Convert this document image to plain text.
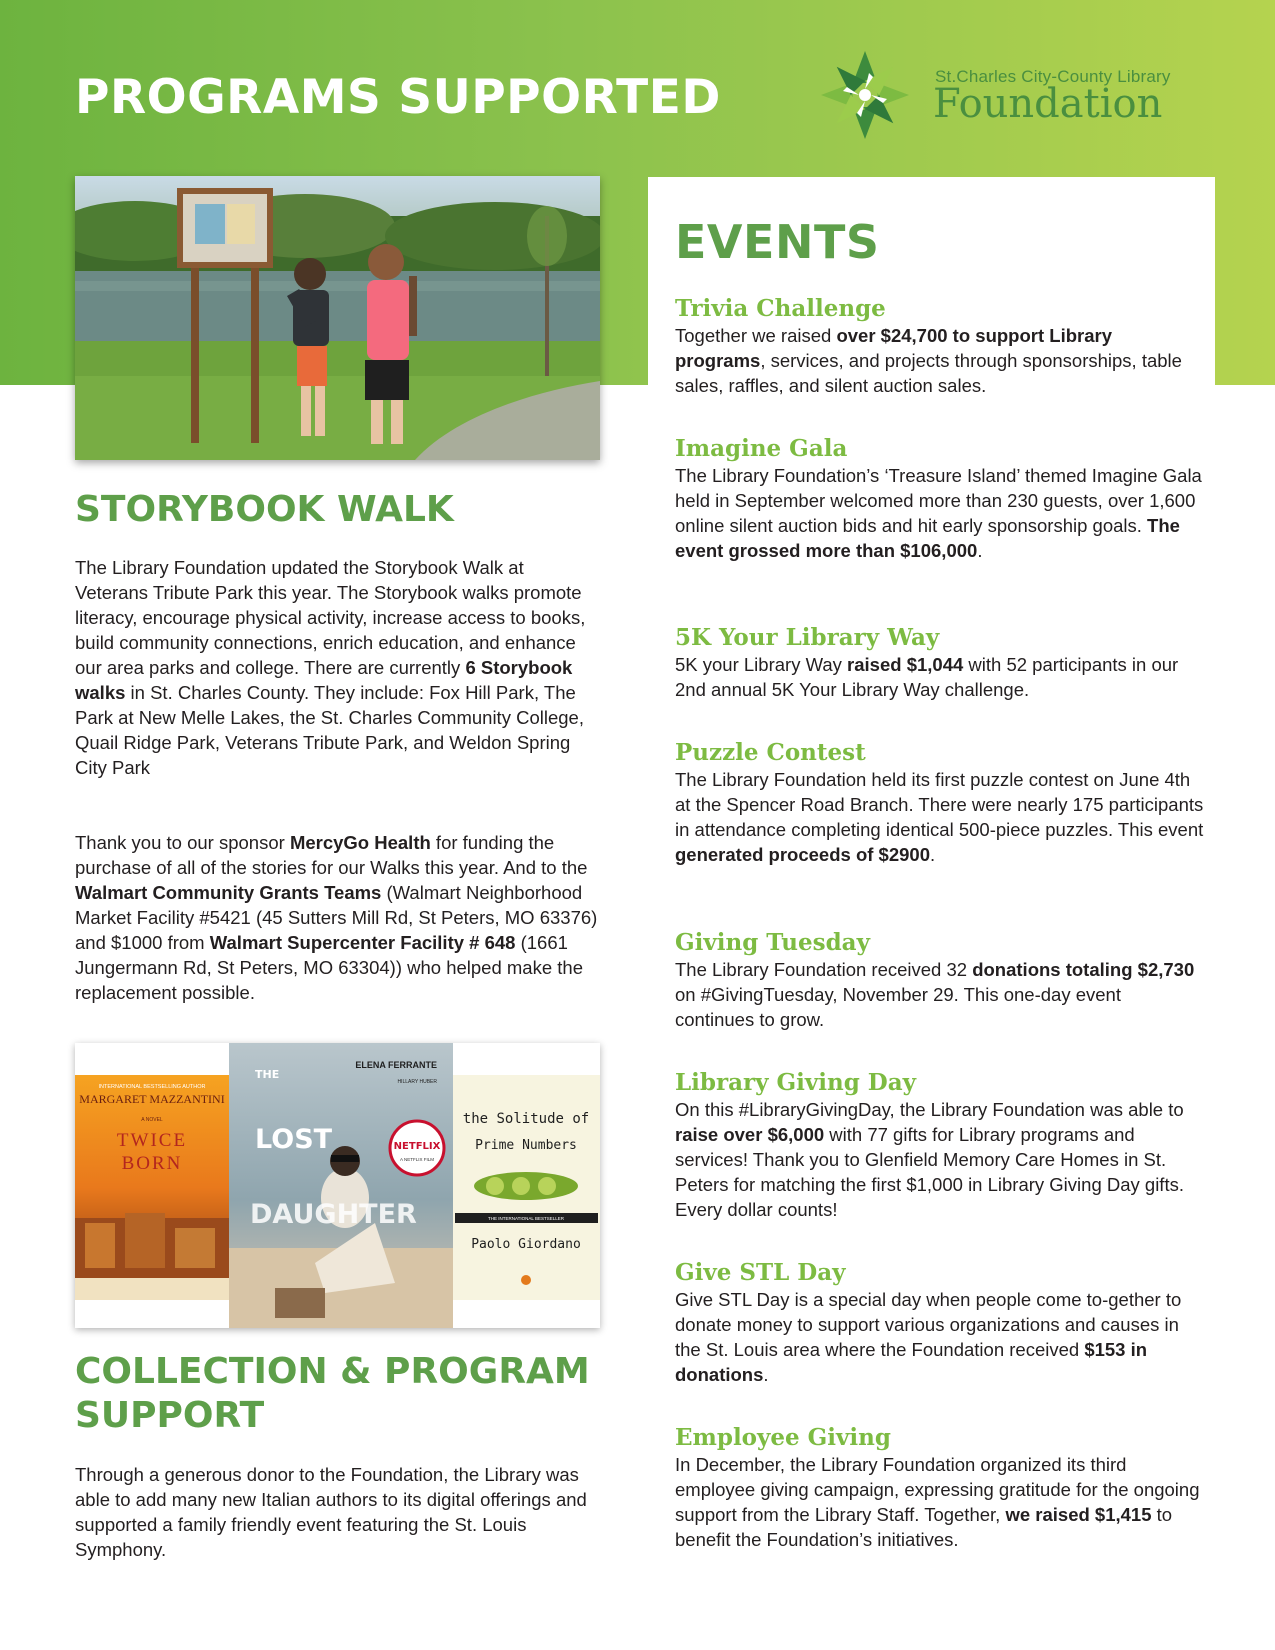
PROGRAMS SUPPORTED	St.Charles City-County Library
Foundation
STORYBOOK WALK

The Library Foundation updated the Storybook Walk at Veterans Tribute Park this year. The Storybook walks promote literacy, encourage physical activity, increase access to books, build community connections, enrich education, and enhance our area parks and college. There are currently 6 Storybook walks in St. Charles County. They include: Fox Hill Park, The Park at New Melle Lakes, the St. Charles Community College, Quail Ridge Park, Veterans Tribute Park, and Weldon Spring City Park

Thank you to our sponsor MercyGo Health for funding the purchase of all of the stories for our Walks this year. And to the Walmart Community Grants Teams (Walmart Neighborhood Market Facility #5421 (45 Sutters Mill Rd, St Peters, MO 63376) and $1000 from Walmart Supercenter Facility # 648 (1661 Jungermann Rd, St Peters, MO 63304)) who helped make the replacement possible.

INTERNATIONAL BESTSELLING AUTHOR
MARGARET MAZZANTINI
A NOVEL
TWICE
BORN
ELENA FERRANTE
HILLARY HUBER
THE
LOST
DAUGHTER
NETFLIX
A NETFLIX FILM
the Solitude of
Prime Numbers
THE INTERNATIONAL BESTSELLER
Paolo Giordano
COLLECTION & PROGRAM
SUPPORT

Through a generous donor to the Foundation, the Library was able to add many new Italian authors to its digital offerings and supported a family friendly event featuring the St. Louis Symphony.

EVENTS
Trivia Challenge

Together we raised over $24,700 to support Library programs, services, and projects through sponsorships, table sales, raffles, and silent auction sales.

Imagine Gala

The Library Foundation’s ‘Treasure Island’ themed Imagine Gala held in September welcomed more than 230 guests, over 1,600 online silent auction bids and hit early sponsorship goals. The event grossed more than $106,000.

5K Your Library Way

5K your Library Way raised $1,044 with 52 participants in our 2nd annual 5K Your Library Way challenge.

Puzzle Contest

The Library Foundation held its first puzzle contest on June 4th at the Spencer Road Branch. There were nearly 175 participants in attendance completing identical 500-piece puzzles. This event generated proceeds of $2900.

Giving Tuesday

The Library Foundation received 32 donations totaling $2,730 on #GivingTuesday, November 29. This one-day event continues to grow.

Library Giving Day

On this #LibraryGivingDay, the Library Foundation was able to raise over $6,000 with 77 gifts for Library programs and services! Thank you to Glenfield Memory Care Homes in St. Peters for matching the first $1,000 in Library Giving Day gifts. Every dollar counts!

Give STL Day

Give STL Day is a special day when people come to-gether to donate money to support various organizations and causes in the St. Louis area where the Foundation received $153 in donations.

Employee Giving

In December, the Library Foundation organized its third employee giving campaign, expressing gratitude for the ongoing support from the Library Staff. Together, we raised $1,415 to benefit the Foundation’s initiatives.
